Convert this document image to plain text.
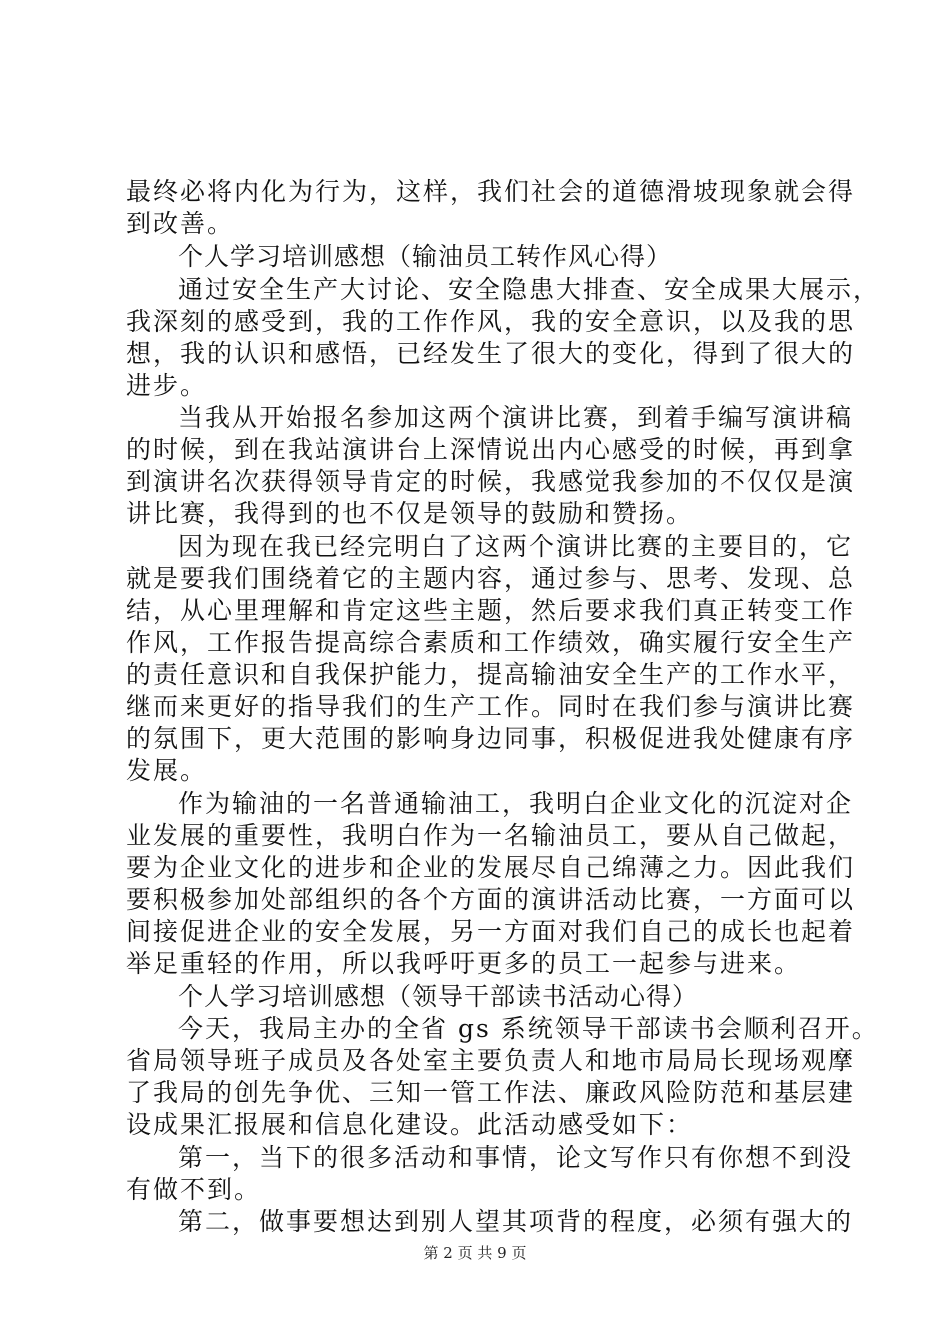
最终必将内化为行为，这样，我们社会的道德滑坡现象就会得
到改善。
个人学习培训感想（输油员工转作风心得）
通过安全生产大讨论、安全隐患大排查、安全成果大展示，
我深刻的感受到，我的工作作风，我的安全意识，以及我的思
想，我的认识和感悟，已经发生了很大的变化，得到了很大的
进步。
当我从开始报名参加这两个演讲比赛，到着手编写演讲稿
的时候，到在我站演讲台上深情说出内心感受的时候，再到拿
到演讲名次获得领导肯定的时候，我感觉我参加的不仅仅是演
讲比赛，我得到的也不仅是领导的鼓励和赞扬。
因为现在我已经完明白了这两个演讲比赛的主要目的，它
就是要我们围绕着它的主题内容，通过参与、思考、发现、总
结，从心里理解和肯定这些主题，然后要求我们真正转变工作
作风，工作报告提高综合素质和工作绩效，确实履行安全生产
的责任意识和自我保护能力，提高输油安全生产的工作水平，
继而来更好的指导我们的生产工作。同时在我们参与演讲比赛
的氛围下，更大范围的影响身边同事，积极促进我处健康有序
发展。
作为输油的一名普通输油工，我明白企业文化的沉淀对企
业发展的重要性，我明白作为一名输油员工，要从自己做起，
要为企业文化的进步和企业的发展尽自己绵薄之力。因此我们
要积极参加处部组织的各个方面的演讲活动比赛，一方面可以
间接促进企业的安全发展，另一方面对我们自己的成长也起着
举足重轻的作用，所以我呼吁更多的员工一起参与进来。
个人学习培训感想（领导干部读书活动心得）
今天，我局主办的全省 gs 系统领导干部读书会顺利召开。
省局领导班子成员及各处室主要负责人和地市局局长现场观摩
了我局的创先争优、三知一管工作法、廉政风险防范和基层建
设成果汇报展和信息化建设。此活动感受如下：
第一，当下的很多活动和事情，论文写作只有你想不到没
有做不到。
第二，做事要想达到别人望其项背的程度，必须有强大的
第 2 页 共 9 页
